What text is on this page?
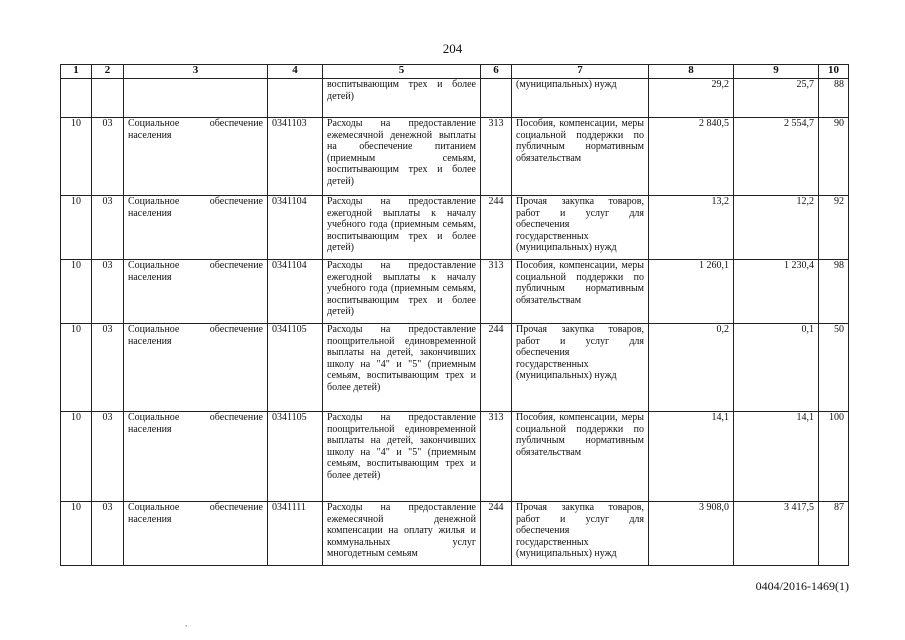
204
1	2	3	4	5	6	7	8	9	10
				воспитывающим трех и более детей)		(муниципальных) нужд	29,2	25,7	88
10	03	Социальное обеспечение населения	0341103	Расходы на предоставление ежемесячной денежной выплаты на обеспечение питанием (приемным семьям, воспитывающим трех и более детей)	313	Пособия, компенсации, меры социальной поддержки по публичным нормативным обязательствам	2 840,5	2 554,7	90
10	03	Социальное обеспечение населения	0341104	Расходы на предоставление ежегодной выплаты к началу учебного года (приемным семьям, воспитывающим трех и более детей)	244	Прочая закупка товаров, работ и услуг для обеспечения государственных (муниципальных) нужд	13,2	12,2	92
10	03	Социальное обеспечение населения	0341104	Расходы на предоставление ежегодной выплаты к началу учебного года (приемным семьям, воспитывающим трех и более детей)	313	Пособия, компенсации, меры социальной поддержки по публичным нормативным обязательствам	1 260,1	1 230,4	98
10	03	Социальное обеспечение населения	0341105	Расходы на предоставление поощрительной единовременной выплаты на детей, закончивших школу на "4" и "5" (приемным семьям, воспитывающим трех и более детей)	244	Прочая закупка товаров, работ и услуг для обеспечения государственных (муниципальных) нужд	0,2	0,1	50
10	03	Социальное обеспечение населения	0341105	Расходы на предоставление поощрительной единовременной выплаты на детей, закончивших школу на "4" и "5" (приемным семьям, воспитывающим трех и более детей)	313	Пособия, компенсации, меры социальной поддержки по публичным нормативным обязательствам	14,1	14,1	100
10	03	Социальное обеспечение населения	0341111	Расходы на предоставление ежемесячной денежной компенсации на оплату жилья и коммунальных услуг многодетным семьям	244	Прочая закупка товаров, работ и услуг для обеспечения государственных (муниципальных) нужд	3 908,0	3 417,5	87
0404/2016-1469(1)
,
